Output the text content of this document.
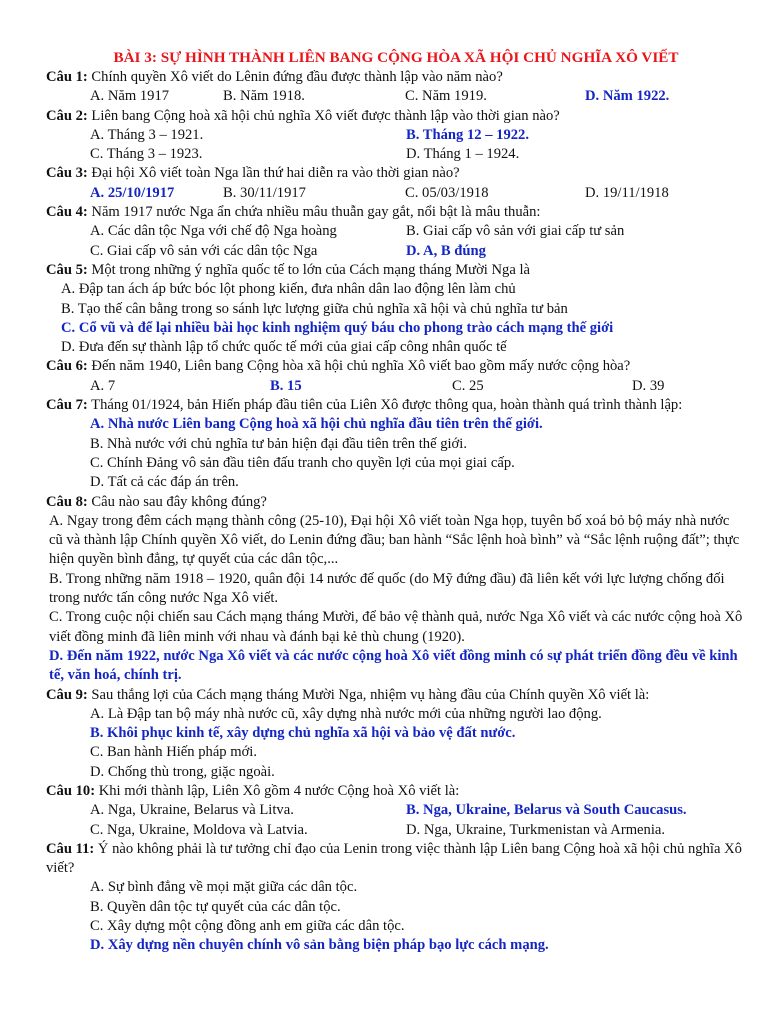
BÀI 3: SỰ HÌNH THÀNH LIÊN BANG CỘNG HÒA XÃ HỘI CHỦ NGHĨA XÔ VIẾT
Câu 1: Chính quyền Xô viết do Lênin đứng đầu được thành lập vào năm nào?
A. Năm 1917	B. Năm 1918.	C. Năm 1919.	D. Năm 1922.
Câu 2: Liên bang Cộng hoà xã hội chủ nghĩa Xô viết được thành lập vào thời gian nào?
A. Tháng 3 – 1921.	B. Tháng 12 – 1922.
C. Tháng 3 – 1923.	D. Tháng 1 – 1924.
Câu 3: Đại hội Xô viết toàn Nga lần thứ hai diễn ra vào thời gian nào?
A. 25/10/1917	B. 30/11/1917	C. 05/03/1918	D. 19/11/1918
Câu 4: Năm 1917 nước Nga ẩn chứa nhiều mâu thuẫn gay gắt, nổi bật là mâu thuẫn:
A. Các dân tộc Nga với chế độ Nga hoàng	B. Giai cấp vô sản với giai cấp tư sản
C. Giai cấp vô sản với các dân tộc Nga	D. A, B đúng
Câu 5: Một trong những ý nghĩa quốc tế to lớn của Cách mạng tháng Mười Nga là
A. Đập tan ách áp bức bóc lột phong kiến, đưa nhân dân lao động lên làm chủ
B. Tạo thế cân bằng trong so sánh lực lượng giữa chủ nghĩa xã hội và chủ nghĩa tư bản
C. Cổ vũ và để lại nhiều bài học kinh nghiệm quý báu cho phong trào cách mạng thế giới
D. Đưa đến sự thành lập tổ chức quốc tế mới của giai cấp công nhân quốc tế
Câu 6: Đến năm 1940, Liên bang Cộng hòa xã hội chủ nghĩa Xô viết bao gồm mấy nước cộng hòa?
A. 7	B. 15	C. 25	D. 39
Câu 7: Tháng 01/1924, bản Hiến pháp đầu tiên của Liên Xô được thông qua, hoàn thành quá trình thành lập:
A. Nhà nước Liên bang Cộng hoà xã hội chủ nghĩa đầu tiên trên thế giới.
B. Nhà nước với chủ nghĩa tư bản hiện đại đầu tiên trên thế giới.
C. Chính Đảng vô sản đầu tiên đấu tranh cho quyền lợi của mọi giai cấp.
D. Tất cả các đáp án trên.
Câu 8: Câu nào sau đây không đúng?
A. Ngay trong đêm cách mạng thành công (25-10), Đại hội Xô viết toàn Nga họp, tuyên bố xoá bỏ bộ máy nhà nước cũ và thành lập Chính quyền Xô viết, do Lenin đứng đầu; ban hành “Sắc lệnh hoà bình” và “Sắc lệnh ruộng đất”; thực hiện quyền bình đẳng, tự quyết của các dân tộc,...
B. Trong những năm 1918 – 1920, quân đội 14 nước đế quốc (do Mỹ đứng đầu) đã liên kết với lực lượng chống đối trong nước tấn công nước Nga Xô viết.
C. Trong cuộc nội chiến sau Cách mạng tháng Mười, để bảo vệ thành quả, nước Nga Xô viết và các nước cộng hoà Xô viết đồng minh đã liên minh với nhau và đánh bại kẻ thù chung (1920).
D. Đến năm 1922, nước Nga Xô viết và các nước cộng hoà Xô viết đồng minh có sự phát triển đồng đều về kinh tế, văn hoá, chính trị.
Câu 9: Sau thắng lợi của Cách mạng tháng Mười Nga, nhiệm vụ hàng đầu của Chính quyền Xô viết là:
A. Là Đập tan bộ máy nhà nước cũ, xây dựng nhà nước mới của những người lao động.
B. Khôi phục kinh tế, xây dựng chủ nghĩa xã hội và bảo vệ đất nước.
C. Ban hành Hiến pháp mới.
D. Chống thù trong, giặc ngoài.
Câu 10: Khi mới thành lập, Liên Xô gồm 4 nước Cộng hoà Xô viết là:
A. Nga, Ukraine, Belarus và Litva.	B. Nga, Ukraine, Belarus và South Caucasus.
C. Nga, Ukraine, Moldova và Latvia.	D. Nga, Ukraine, Turkmenistan và Armenia.
Câu 11: Ý nào không phải là tư tưởng chỉ đạo của Lenin trong việc thành lập Liên bang Cộng hoà xã hội chủ nghĩa Xô viết?
A. Sự bình đẳng về mọi mặt giữa các dân tộc.
B. Quyền dân tộc tự quyết của các dân tộc.
C. Xây dựng một cộng đồng anh em giữa các dân tộc.
D. Xây dựng nền chuyên chính vô sản bằng biện pháp bạo lực cách mạng.
